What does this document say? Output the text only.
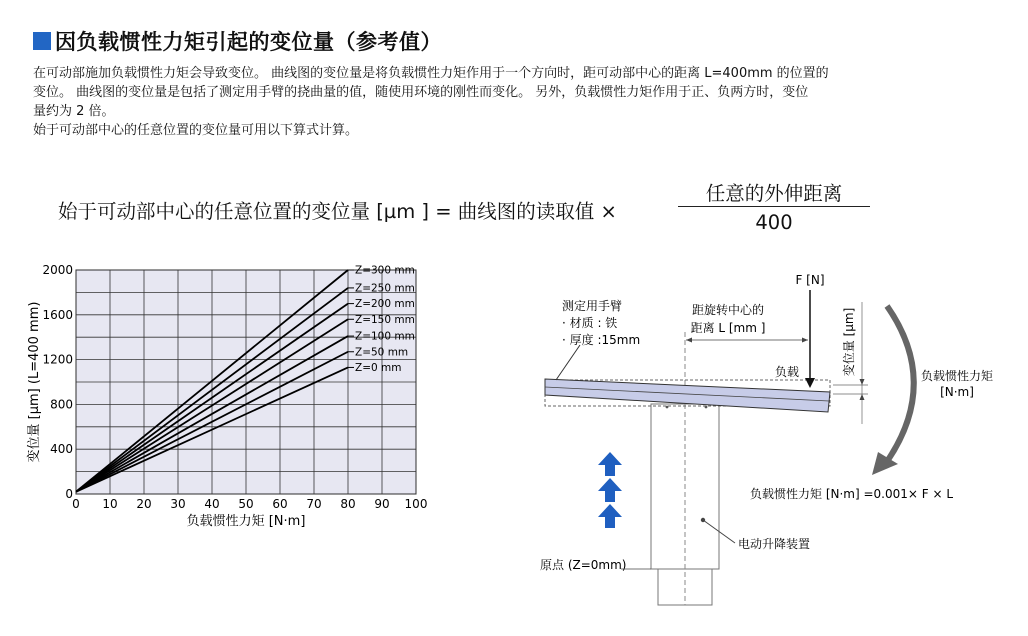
因负载惯性力矩引起的变位量（参考值）

在可动部施加负载惯性力矩会导致变位。 曲线图的变位量是将负载惯性力矩作用于一个方向时，距可动部中心的距离 L=400mm 的位置的

变位。 曲线图的变位量是包括了测定用手臂的挠曲量的值，随使用环境的刚性而变化。 另外，负载惯性力矩作用于正、负两方时，变位

量约为 2 倍。

始于可动部中心的任意位置的变位量可用以下算式计算。

始于可动部中心的任意位置的变位量 [µm ] = 曲线图的读取值 ×
任意的外伸距离
400
0 10 20 30 40 50 60 70 80 90 100
0
400
800
1200
1600
2000	Z=300 mm
Z=250 mm
Z=200 mm
Z=150 mm
Z=100 mm
Z=50 mm
Z=0 mm
负载惯性力矩 [N·m]
变位量 [µm] (L=400 mm)
F [N]
测定用手臂
· 材质 : 铁
· 厚度 :15mm
距旋转中心的
距离 L [mm ]
负载	变位量 [µm]	负载惯性力矩
[N·m]
负载惯性力矩 [N·m] =0.001× F × L
电动升降装置
原点 (Z=0mm)
